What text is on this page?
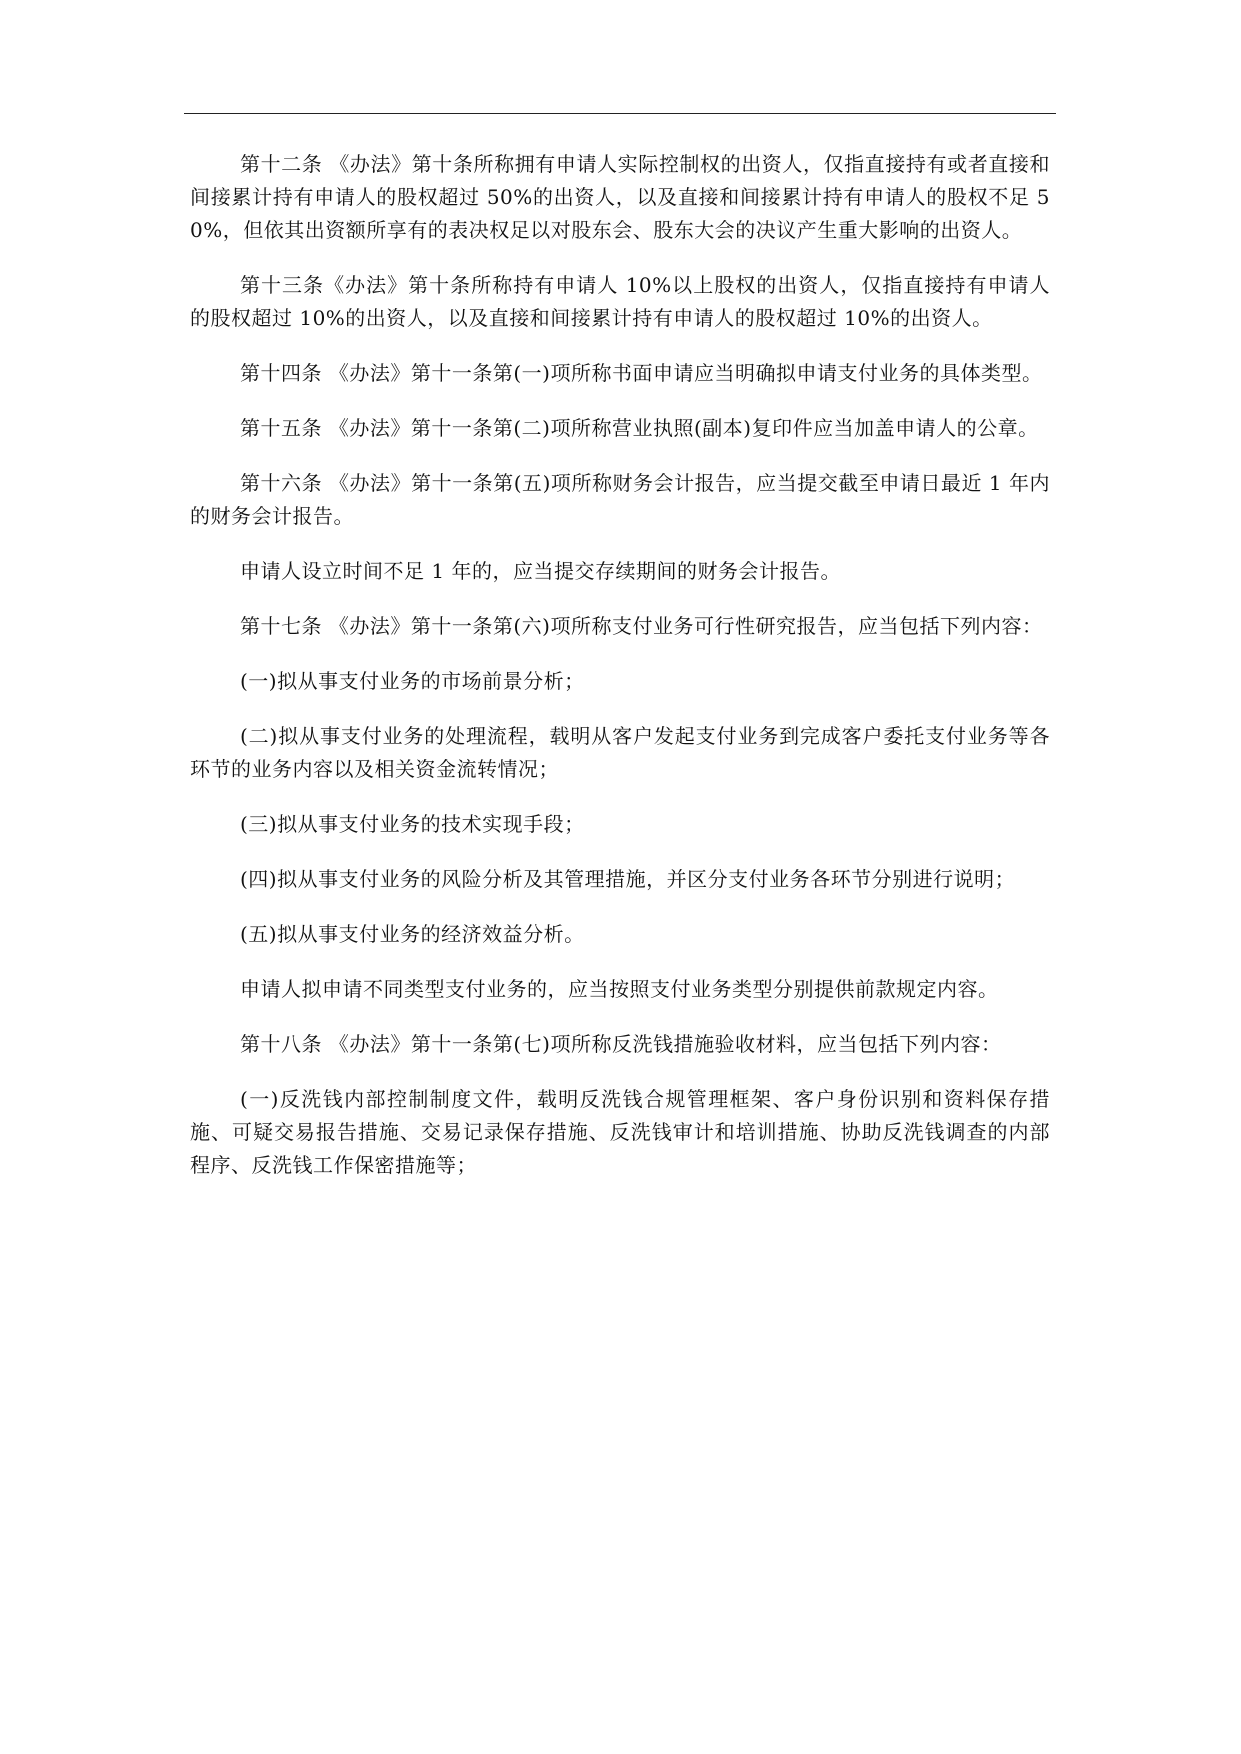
第十二条 《办法》第十条所称拥有申请人实际控制权的出资人，仅指直接持有或者直接和间接累计持有申请人的股权超过 50%的出资人，以及直接和间接累计持有申请人的股权不足 50%，但依其出资额所享有的表决权足以对股东会、股东大会的决议产生重大影响的出资人。

第十三条《办法》第十条所称持有申请人 10%以上股权的出资人，仅指直接持有申请人的股权超过 10%的出资人，以及直接和间接累计持有申请人的股权超过 10%的出资人。

第十四条 《办法》第十一条第(一)项所称书面申请应当明确拟申请支付业务的具体类型。

第十五条 《办法》第十一条第(二)项所称营业执照(副本)复印件应当加盖申请人的公章。

第十六条 《办法》第十一条第(五)项所称财务会计报告，应当提交截至申请日最近 1 年内的财务会计报告。

申请人设立时间不足 1 年的，应当提交存续期间的财务会计报告。

第十七条 《办法》第十一条第(六)项所称支付业务可行性研究报告，应当包括下列内容：

(一)拟从事支付业务的市场前景分析；

(二)拟从事支付业务的处理流程，载明从客户发起支付业务到完成客户委托支付业务等各环节的业务内容以及相关资金流转情况；

(三)拟从事支付业务的技术实现手段；

(四)拟从事支付业务的风险分析及其管理措施，并区分支付业务各环节分别进行说明；

(五)拟从事支付业务的经济效益分析。

申请人拟申请不同类型支付业务的，应当按照支付业务类型分别提供前款规定内容。

第十八条 《办法》第十一条第(七)项所称反洗钱措施验收材料，应当包括下列内容：

(一)反洗钱内部控制制度文件，载明反洗钱合规管理框架、客户身份识别和资料保存措施、可疑交易报告措施、交易记录保存措施、反洗钱审计和培训措施、协助反洗钱调查的内部程序、反洗钱工作保密措施等；
